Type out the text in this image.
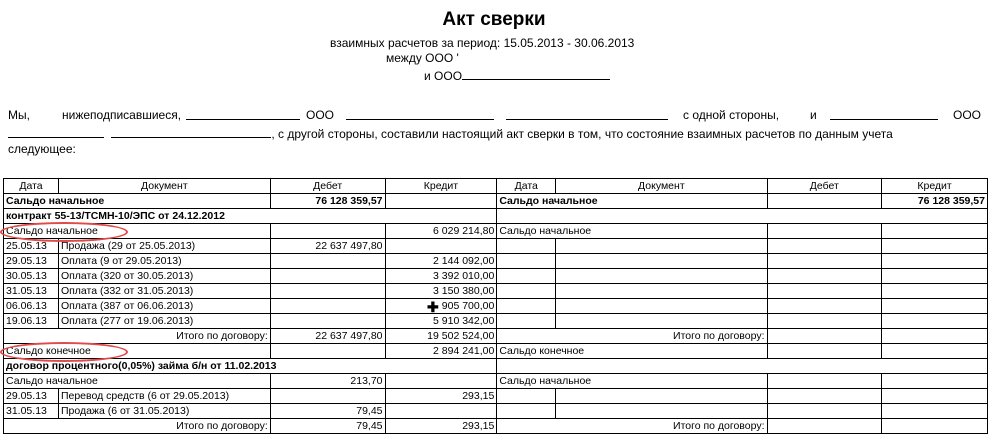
Акт сверки
взаимных расчетов за период: 15.05.2013 - 30.06.2013
между ООО '
и ООО
Мы,	нижеподписавшиеся,	ООО	с одной стороны,	и	ООО
, с другой стороны, составили настоящий акт сверки в том, что состояние взаимных расчетов по данным учета
следующее:
Дата	Документ	Дебет	Кредит	Дата	Документ	Дебет	Кредит
Сальдо начальное		76 128 359,57		Сальдо начальное			76 128 359,57
контракт 55-13/ТСМН-10/ЭПС от 24.12.2012							
Сальдо начальное			6 029 214,80	Сальдо начальное			
25.05.13	Продажа (29 от 25.05.2013)	22 637 497,80					
29.05.13	Оплата (9 от 29.05.2013)		2 144 092,00				
30.05.13	Оплата (320 от 30.05.2013)		3 392 010,00				
31.05.13	Оплата (332 от 31.05.2013)		3 150 380,00				
06.06.13	Оплата (387 от 06.06.2013)		905 700,00				
19.06.13	Оплата (277 от 19.06.2013)		5 910 342,00				
Итого по договору:		22 637 497,80	19 502 524,00	Итого по договору:			
Сальдо конечное			2 894 241,00	Сальдо конечное			
договор процентного(0,05%) займа б/н от 11.02.2013							
Сальдо начальное		213,70		Сальдо начальное			
29.05.13	Перевод средств (6 от 29.05.2013)		293,15				
31.05.13	Продажа (6 от 31.05.2013)	79,45					
Итого по договору:		79,45	293,15	Итого по договору:			
✚
